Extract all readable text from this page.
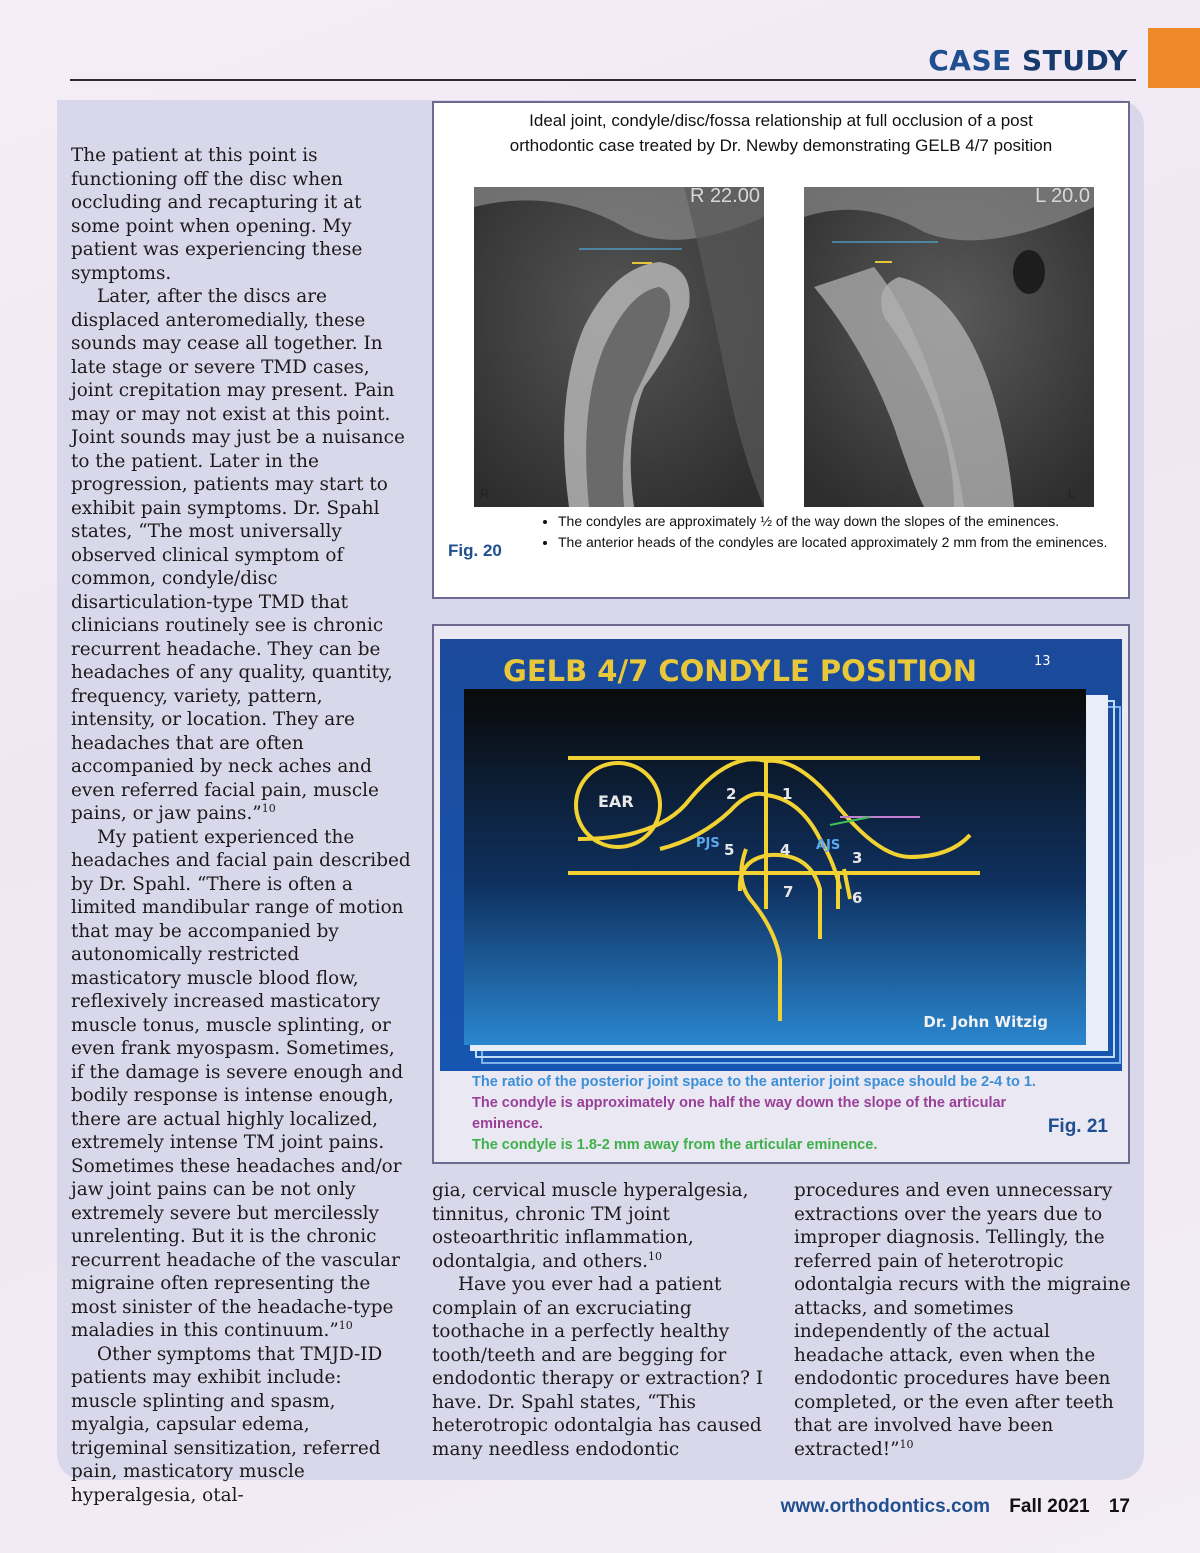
CASE STUDY

The patient at this point is functioning off the disc when occluding and recapturing it at some point when opening. My patient was experiencing these symptoms.

Later, after the discs are displaced anteromedially, these sounds may cease all together. In late stage or severe TMD cases, joint crepitation may present. Pain may or may not exist at this point. Joint sounds may just be a nuisance to the patient. Later in the progression, patients may start to exhibit pain symptoms. Dr. Spahl states, “The most universally observed clinical symptom of common, condyle/disc disarticulation-type TMD that clinicians routinely see is chronic recurrent headache. They can be headaches of any quality, quantity, frequency, variety, pattern, intensity, or location. They are headaches that are often accompanied by neck aches and even referred facial pain, muscle pains, or jaw pains.”$^{10}$

My patient experienced the headaches and facial pain described by Dr. Spahl. “There is often a limited mandibular range of motion that may be accompanied by autonomically restricted masticatory muscle blood flow, reflexively increased masticatory muscle tonus, muscle splinting, or even frank myospasm. Sometimes, if the damage is severe enough and bodily response is intense enough, there are actual highly localized, extremely intense TM joint pains. Sometimes these headaches and/or jaw joint pains can be not only extremely severe but mercilessly unrelenting. But it is the chronic recurrent headache of the vascular migraine often representing the most sinister of the headache-type maladies in this continuum.”$^{10}$

Other symptoms that TMJD-ID patients may exhibit include: muscle splinting and spasm, myalgia, capsular edema, trigeminal sensitization, referred pain, masticatory muscle hyperalgesia, otal-

gia, cervical muscle hyperalgesia, tinnitus, chronic TM joint osteoarthritic inflammation, odontalgia, and others.$^{10}$

Have you ever had a patient complain of an excruciating toothache in a perfectly healthy tooth/teeth and are begging for endodontic therapy or extraction? I have. Dr. Spahl states, “This heterotropic odontalgia has caused many needless endodontic

procedures and even unnecessary extractions over the years due to improper diagnosis. Tellingly, the referred pain of heterotropic odontalgia recurs with the migraine attacks, and sometimes independently of the actual headache attack, even when the endodontic procedures have been completed, or the even after teeth that are involved have been extracted!”$^{10}$

Ideal joint, condyle/disc/fossa relationship at full occlusion of a post
orthodontic case treated by Dr. Newby demonstrating GELB 4/7 position
R 22.00	L 20.0
R	L
Fig. 20
• The condyles are approximately ½ of the way down the slopes of the eminences.
• The anterior heads of the condyles are located approximately 2 mm from the eminences.
GELB 4/7 CONDYLE POSITION	13
EAR	1
2
3
4
5
6
7
PJS	AJS
Dr. John Witzig
The ratio of the posterior joint space to the anterior joint space should be 2-4 to 1.
The condyle is approximately one half the way down the slope of the articular eminence.
The condyle is 1.8-2 mm away from the articular eminence.
Fig. 21
www.orthodontics.com Fall 2021 17
